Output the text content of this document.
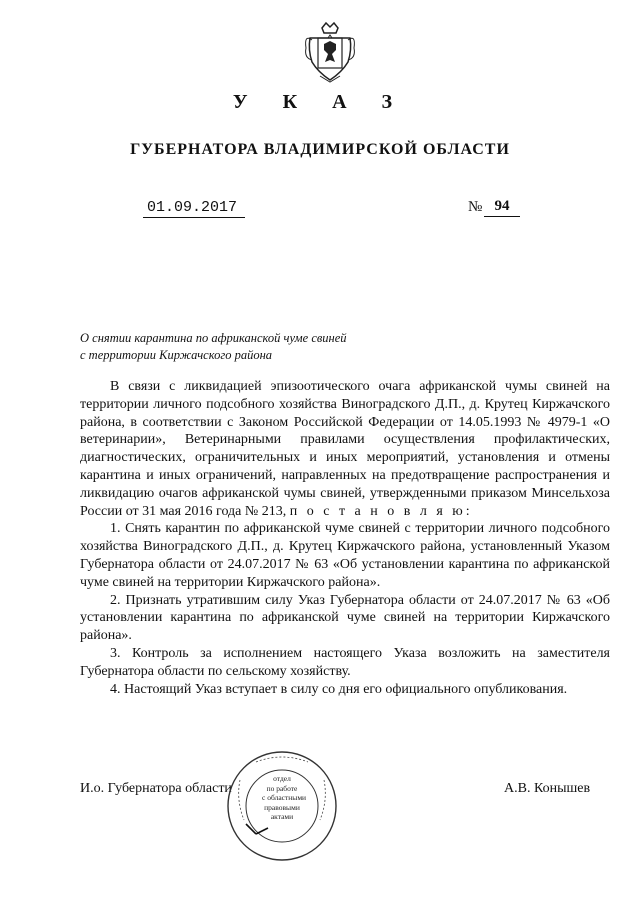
У К А З
ГУБЕРНАТОРА ВЛАДИМИРСКОЙ ОБЛАСТИ
01.09.2017	№ 94
О снятии карантина по африканской чуме свиней
с территории Киржачского района

В связи с ликвидацией эпизоотического очага африканской чумы свиней на территории личного подсобного хозяйства Виноградского Д.П., д. Крутец Киржачского района, в соответствии с Законом Российской Федерации от 14.05.1993 № 4979-1 «О ветеринарии», Ветеринарными правилами осуществления профилактических, диагностических, ограничительных и иных мероприятий, установления и отмены карантина и иных ограничений, направленных на предотвращение распространения и ликвидацию очагов африканской чумы свиней, утвержденными приказом Минсельхоза России от 31 мая 2016 года № 213, п о с т а н о в л я ю:

1. Снять карантин по африканской чуме свиней с территории личного подсобного хозяйства Виноградского Д.П., д. Крутец Киржачского района, установленный Указом Губернатора области от 24.07.2017 № 63 «Об установлении карантина по африканской чуме свиней на территории Киржачского района».

2. Признать утратившим силу Указ Губернатора области от 24.07.2017 № 63 «Об установлении карантина по африканской чуме свиней на территории Киржачского района».

3. Контроль за исполнением настоящего Указа возложить на заместителя Губернатора области по сельскому хозяйству.

4. Настоящий Указ вступает в силу со дня его официального опубликования.

И.о. Губернатора области	А.В. Конышев
отдел
по работе
с областными
правовыми
актами
